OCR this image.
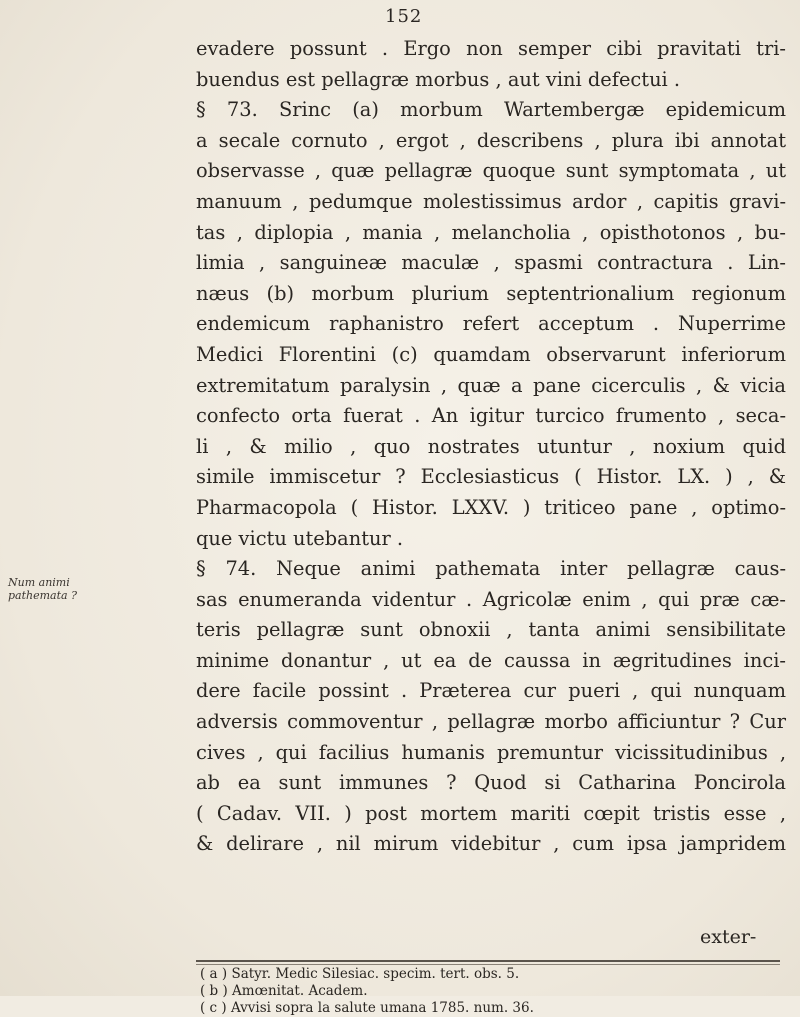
152
Num animi
pathemata ?
evadere possunt . Ergo non semper cibi pravitati tri-
buendus est pellagræ morbus , aut vini defectui .
§ 73. Srinc (a) morbum Wartembergæ epidemicum
a secale cornuto , ergot , describens , plura ibi annotat
observasse , quæ pellagræ quoque sunt symptomata , ut
manuum , pedumque molestissimus ardor , capitis gravi-
tas , diplopia , mania , melancholia , opisthotonos , bu-
limia , sanguineæ maculæ , spasmi contractura . Lin-
næus (b) morbum plurium septentrionalium regionum
endemicum raphanistro refert acceptum . Nuperrime
Medici Florentini (c) quamdam observarunt inferiorum
extremitatum paralysin , quæ a pane cicerculis , & vicia
confecto orta fuerat . An igitur turcico frumento , seca-
li , & milio , quo nostrates utuntur , noxium quid
simile immiscetur ? Ecclesiasticus ( Histor. LX. ) , &
Pharmacopola ( Histor. LXXV. ) triticeo pane , optimo-
que victu utebantur .
§ 74. Neque animi pathemata inter pellagræ caus-
sas enumeranda videntur . Agricolæ enim , qui præ cæ-
teris pellagræ sunt obnoxii , tanta animi sensibilitate
minime donantur , ut ea de caussa in ægritudines inci-
dere facile possint . Præterea cur pueri , qui nunquam
adversis commoventur , pellagræ morbo afficiuntur ? Cur
cives , qui facilius humanis premuntur vicissitudinibus ,
ab ea sunt immunes ? Quod si Catharina Poncirola
( Cadav. VII. ) post mortem mariti cœpit tristis esse ,
& delirare , nil mirum videbitur , cum ipsa jampridem
exter-
( a ) Satyr. Medic Silesiac. specim. tert. obs. 5.
( b ) Amœnitat. Academ.
( c ) Avvisi sopra la salute umana 1785. num. 36.
